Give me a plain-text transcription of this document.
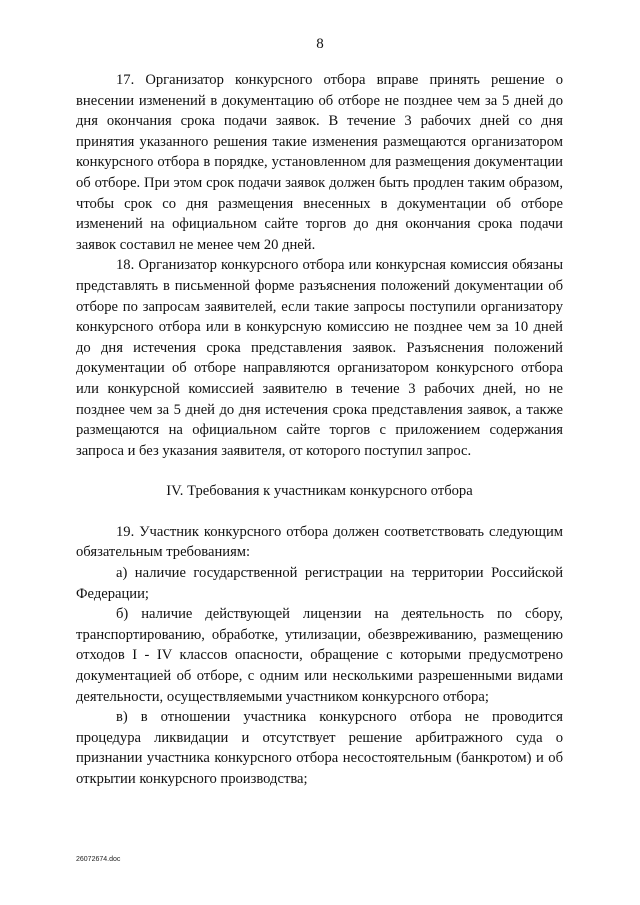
8

17. Организатор конкурсного отбора вправе принять решение о внесении изменений в документацию об отборе не позднее чем за 5 дней до дня окончания срока подачи заявок. В течение 3 рабочих дней со дня принятия указанного решения такие изменения размещаются организатором конкурсного отбора в порядке, установленном для размещения документации об отборе. При этом срок подачи заявок должен быть продлен таким образом, чтобы срок со дня размещения внесенных в документации об отборе изменений на официальном сайте торгов до дня окончания срока подачи заявок составил не менее чем 20 дней.

18. Организатор конкурсного отбора или конкурсная комиссия обязаны представлять в письменной форме разъяснения положений документации об отборе по запросам заявителей, если такие запросы поступили организатору конкурсного отбора или в конкурсную комиссию не позднее чем за 10 дней до дня истечения срока представления заявок. Разъяснения положений документации об отборе направляются организатором конкурсного отбора или конкурсной комиссией заявителю в течение 3 рабочих дней, но не позднее чем за 5 дней до дня истечения срока представления заявок, а также размещаются на официальном сайте торгов с приложением содержания запроса и без указания заявителя, от которого поступил запрос.

IV. Требования к участникам конкурсного отбора

19. Участник конкурсного отбора должен соответствовать следующим обязательным требованиям:

а) наличие государственной регистрации на территории Российской Федерации;

б) наличие действующей лицензии на деятельность по сбору, транспортированию, обработке, утилизации, обезвреживанию, размещению отходов I - IV классов опасности, обращение с которыми предусмотрено документацией об отборе, с одним или несколькими разрешенными видами деятельности, осуществляемыми участником конкурсного отбора;

в) в отношении участника конкурсного отбора не проводится процедура ликвидации и отсутствует решение арбитражного суда о признании участника конкурсного отбора несостоятельным (банкротом) и об открытии конкурсного производства;

26072674.doc
